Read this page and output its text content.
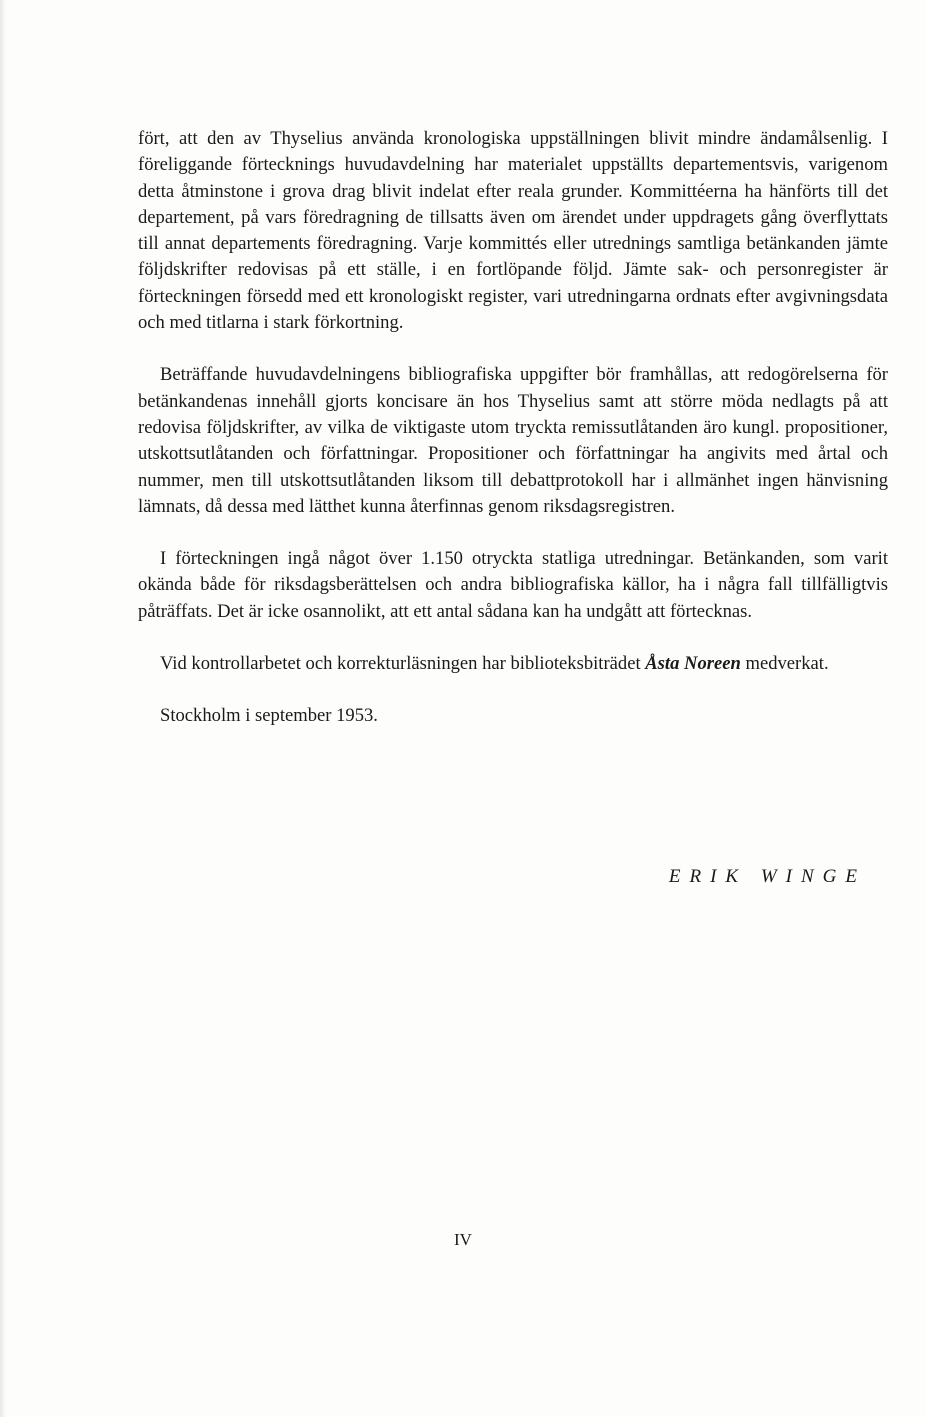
fört, att den av Thyselius använda kronologiska uppställningen blivit mindre ändamålsenlig. I föreliggande förtecknings huvudavdelning har materialet uppställts departementsvis, varigenom detta åtminstone i grova drag blivit indelat efter reala grunder. Kommittéerna ha hänförts till det departement, på vars föredragning de tillsatts även om ärendet under uppdragets gång överflyttats till annat departements föredragning. Varje kommittés eller utrednings samtliga betänkanden jämte följdskrifter redovisas på ett ställe, i en fortlöpande följd. Jämte sak- och personregister är förteckningen försedd med ett kronologiskt register, vari utredningarna ordnats efter avgivningsdata och med titlarna i stark förkortning.

Beträffande huvudavdelningens bibliografiska uppgifter bör framhållas, att redogörelserna för betänkandenas innehåll gjorts koncisare än hos Thyselius samt att större möda nedlagts på att redovisa följdskrifter, av vilka de viktigaste utom tryckta remissutlåtanden äro kungl. propositioner, utskottsutlåtanden och författningar. Propositioner och författningar ha angivits med årtal och nummer, men till utskottsutlåtanden liksom till debattprotokoll har i allmänhet ingen hänvisning lämnats, då dessa med lätthet kunna återfinnas genom riksdagsregistren.

I förteckningen ingå något över 1.150 otryckta statliga utredningar. Betänkanden, som varit okända både för riksdagsberättelsen och andra bibliografiska källor, ha i några fall tillfälligtvis påträffats. Det är icke osannolikt, att ett antal sådana kan ha undgått att förtecknas.

Vid kontrollarbetet och korrekturläsningen har biblioteksbiträdet Åsta Noreen medverkat.

Stockholm i september 1953.

ERIK WINGE
IV
